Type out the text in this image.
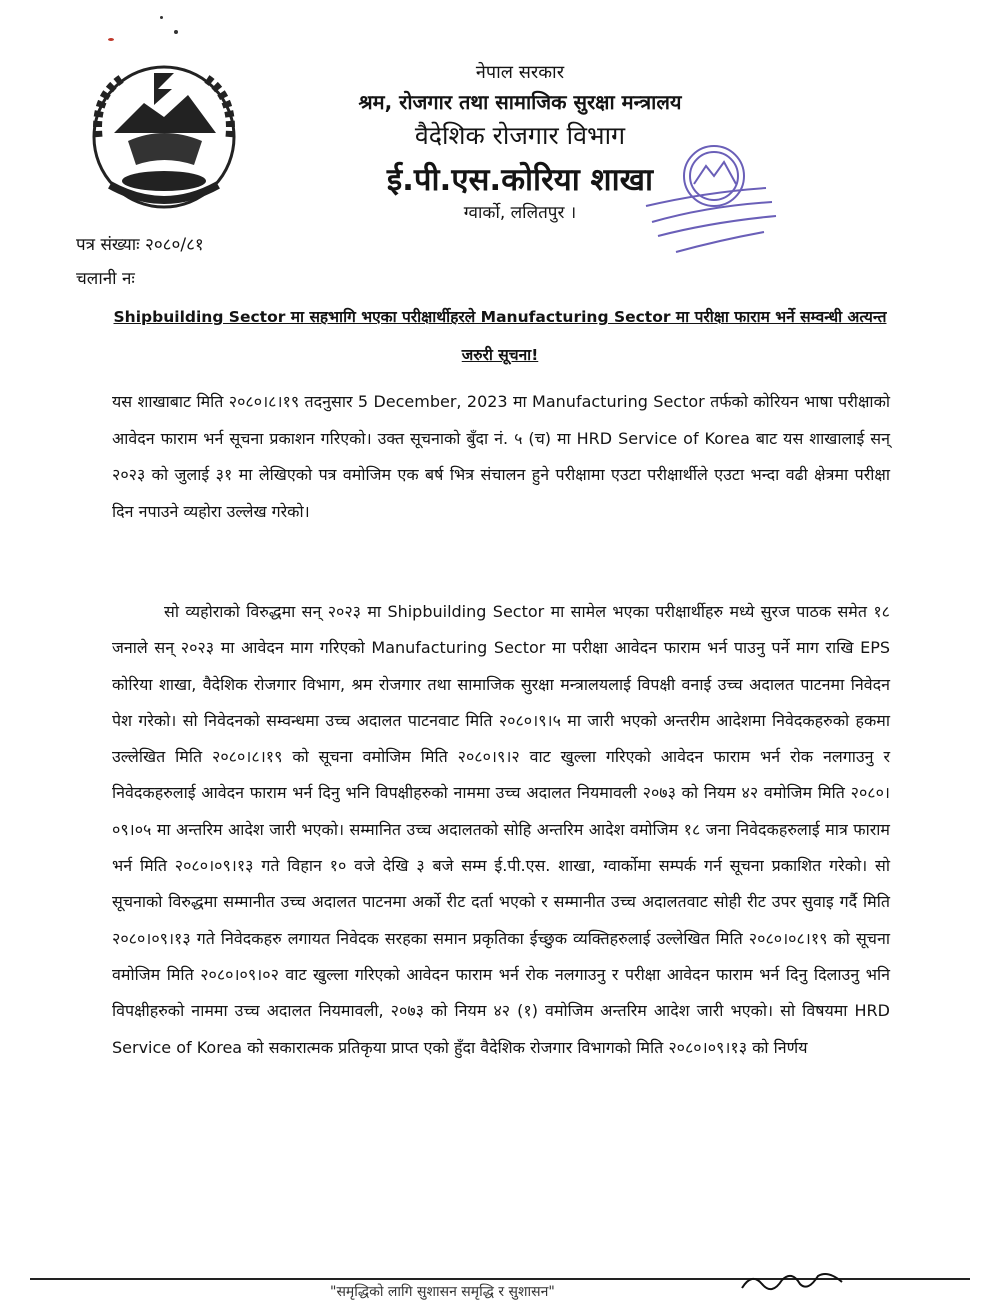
नेपाल सरकार
श्रम, रोजगार तथा सामाजिक सुरक्षा मन्त्रालय
वैदेशिक रोजगार विभाग
ई.पी.एस.कोरिया शाखा
ग्वार्को, ललितपुर ।
पत्र संख्याः २०८०/८१
चलानी नः
Shipbuilding Sector मा सहभागि भएका परीक्षार्थीहरले Manufacturing Sector मा परीक्षा फाराम भर्ने सम्वन्धी अत्यन्त जरुरी सूचना!
यस शाखाबाट मिति २०८०।८।१९ तदनुसार 5 December, 2023 मा Manufacturing Sector तर्फको कोरियन भाषा परीक्षाको आवेदन फाराम भर्न सूचना प्रकाशन गरिएको। उक्त सूचनाको बुँदा नं. ५ (च) मा HRD Service of Korea बाट यस शाखालाई सन् २०२३ को जुलाई ३१ मा लेखिएको पत्र वमोजिम एक बर्ष भित्र संचालन हुने परीक्षामा एउटा परीक्षार्थीले एउटा भन्दा वढी क्षेत्रमा परीक्षा दिन नपाउने व्यहोरा उल्लेख गरेको।
सो व्यहोराको विरुद्धमा सन् २०२३ मा Shipbuilding Sector मा सामेल भएका परीक्षार्थीहरु मध्ये सुरज पाठक समेत १८ जनाले सन् २०२३ मा आवेदन माग गरिएको Manufacturing Sector मा परीक्षा आवेदन फाराम भर्न पाउनु पर्ने माग राखि EPS कोरिया शाखा, वैदेशिक रोजगार विभाग, श्रम रोजगार तथा सामाजिक सुरक्षा मन्त्रालयलाई विपक्षी वनाई उच्च अदालत पाटनमा निवेदन पेश गरेको। सो निवेदनको सम्वन्धमा उच्च अदालत पाटनवाट मिति २०८०।९।५ मा जारी भएको अन्तरीम आदेशमा निवेदकहरुको हकमा उल्लेखित मिति २०८०।८।१९ को सूचना वमोजिम मिति २०८०।९।२ वाट खुल्ला गरिएको आवेदन फाराम भर्न रोक नलगाउनु र निवेदकहरुलाई आवेदन फाराम भर्न दिनु भनि विपक्षीहरुको नाममा उच्च अदालत नियमावली २०७३ को नियम ४२ वमोजिम मिति २०८०।०९।०५ मा अन्तरिम आदेश जारी भएको। सम्मानित उच्च अदालतको सोहि अन्तरिम आदेश वमोजिम १८ जना निवेदकहरुलाई मात्र फाराम भर्न मिति २०८०।०९।१३ गते विहान १० वजे देखि ३ बजे सम्म ई.पी.एस. शाखा, ग्वार्कोमा सम्पर्क गर्न सूचना प्रकाशित गरेको। सो सूचनाको विरुद्धमा सम्मानीत उच्च अदालत पाटनमा अर्को रीट दर्ता भएको र सम्मानीत उच्च अदालतवाट सोही रीट उपर सुवाइ गर्दै मिति २०८०।०९।१३ गते निवेदकहरु लगायत निवेदक सरहका समान प्रकृतिका ईच्छुक व्यक्तिहरुलाई उल्लेखित मिति २०८०।०८।१९ को सूचना वमोजिम मिति २०८०।०९।०२ वाट खुल्ला गरिएको आवेदन फाराम भर्न रोक नलगाउनु र परीक्षा आवेदन फाराम भर्न दिनु दिलाउनु भनि विपक्षीहरुको नाममा उच्च अदालत नियमावली, २०७३ को नियम ४२ (१) वमोजिम अन्तरिम आदेश जारी भएको। सो विषयमा HRD Service of Korea को सकारात्मक प्रतिकृया प्राप्त एको हुँदा वैदेशिक रोजगार विभागको मिति २०८०।०९।१३ को निर्णय
"समृद्धिको लागि सुशासन समृद्धि र सुशासन"
